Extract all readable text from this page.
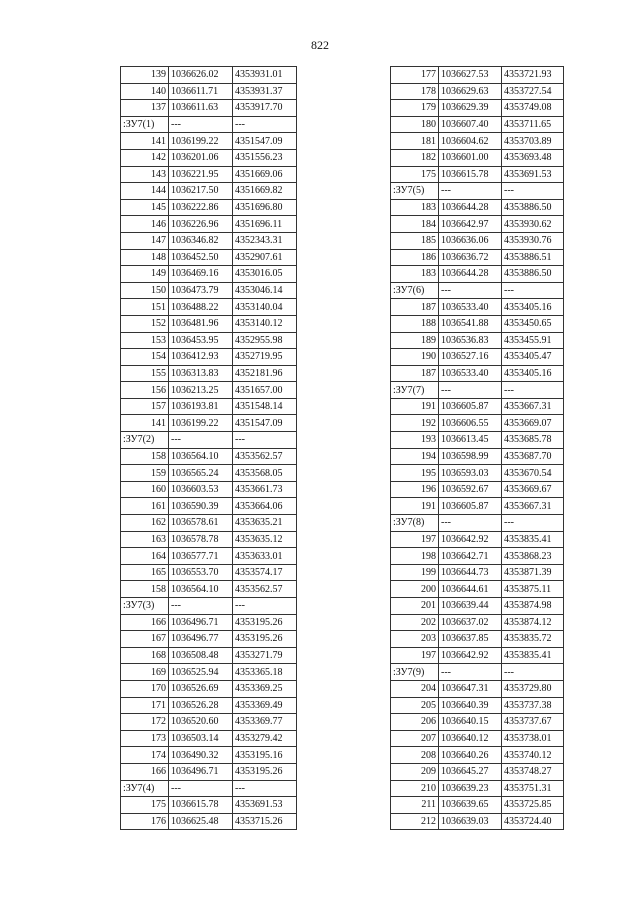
822
139	1036626.02	4353931.01
140	1036611.71	4353931.37
137	1036611.63	4353917.70
:ЗУ7(1)	---	---
141	1036199.22	4351547.09
142	1036201.06	4351556.23
143	1036221.95	4351669.06
144	1036217.50	4351669.82
145	1036222.86	4351696.80
146	1036226.96	4351696.11
147	1036346.82	4352343.31
148	1036452.50	4352907.61
149	1036469.16	4353016.05
150	1036473.79	4353046.14
151	1036488.22	4353140.04
152	1036481.96	4353140.12
153	1036453.95	4352955.98
154	1036412.93	4352719.95
155	1036313.83	4352181.96
156	1036213.25	4351657.00
157	1036193.81	4351548.14
141	1036199.22	4351547.09
:ЗУ7(2)	---	---
158	1036564.10	4353562.57
159	1036565.24	4353568.05
160	1036603.53	4353661.73
161	1036590.39	4353664.06
162	1036578.61	4353635.21
163	1036578.78	4353635.12
164	1036577.71	4353633.01
165	1036553.70	4353574.17
158	1036564.10	4353562.57
:ЗУ7(3)	---	---
166	1036496.71	4353195.26
167	1036496.77	4353195.26
168	1036508.48	4353271.79
169	1036525.94	4353365.18
170	1036526.69	4353369.25
171	1036526.28	4353369.49
172	1036520.60	4353369.77
173	1036503.14	4353279.42
174	1036490.32	4353195.16
166	1036496.71	4353195.26
:ЗУ7(4)	---	---
175	1036615.78	4353691.53
176	1036625.48	4353715.26
177	1036627.53	4353721.93
178	1036629.63	4353727.54
179	1036629.39	4353749.08
180	1036607.40	4353711.65
181	1036604.62	4353703.89
182	1036601.00	4353693.48
175	1036615.78	4353691.53
:ЗУ7(5)	---	---
183	1036644.28	4353886.50
184	1036642.97	4353930.62
185	1036636.06	4353930.76
186	1036636.72	4353886.51
183	1036644.28	4353886.50
:ЗУ7(6)	---	---
187	1036533.40	4353405.16
188	1036541.88	4353450.65
189	1036536.83	4353455.91
190	1036527.16	4353405.47
187	1036533.40	4353405.16
:ЗУ7(7)	---	---
191	1036605.87	4353667.31
192	1036606.55	4353669.07
193	1036613.45	4353685.78
194	1036598.99	4353687.70
195	1036593.03	4353670.54
196	1036592.67	4353669.67
191	1036605.87	4353667.31
:ЗУ7(8)	---	---
197	1036642.92	4353835.41
198	1036642.71	4353868.23
199	1036644.73	4353871.39
200	1036644.61	4353875.11
201	1036639.44	4353874.98
202	1036637.02	4353874.12
203	1036637.85	4353835.72
197	1036642.92	4353835.41
:ЗУ7(9)	---	---
204	1036647.31	4353729.80
205	1036640.39	4353737.38
206	1036640.15	4353737.67
207	1036640.12	4353738.01
208	1036640.26	4353740.12
209	1036645.27	4353748.27
210	1036639.23	4353751.31
211	1036639.65	4353725.85
212	1036639.03	4353724.40
